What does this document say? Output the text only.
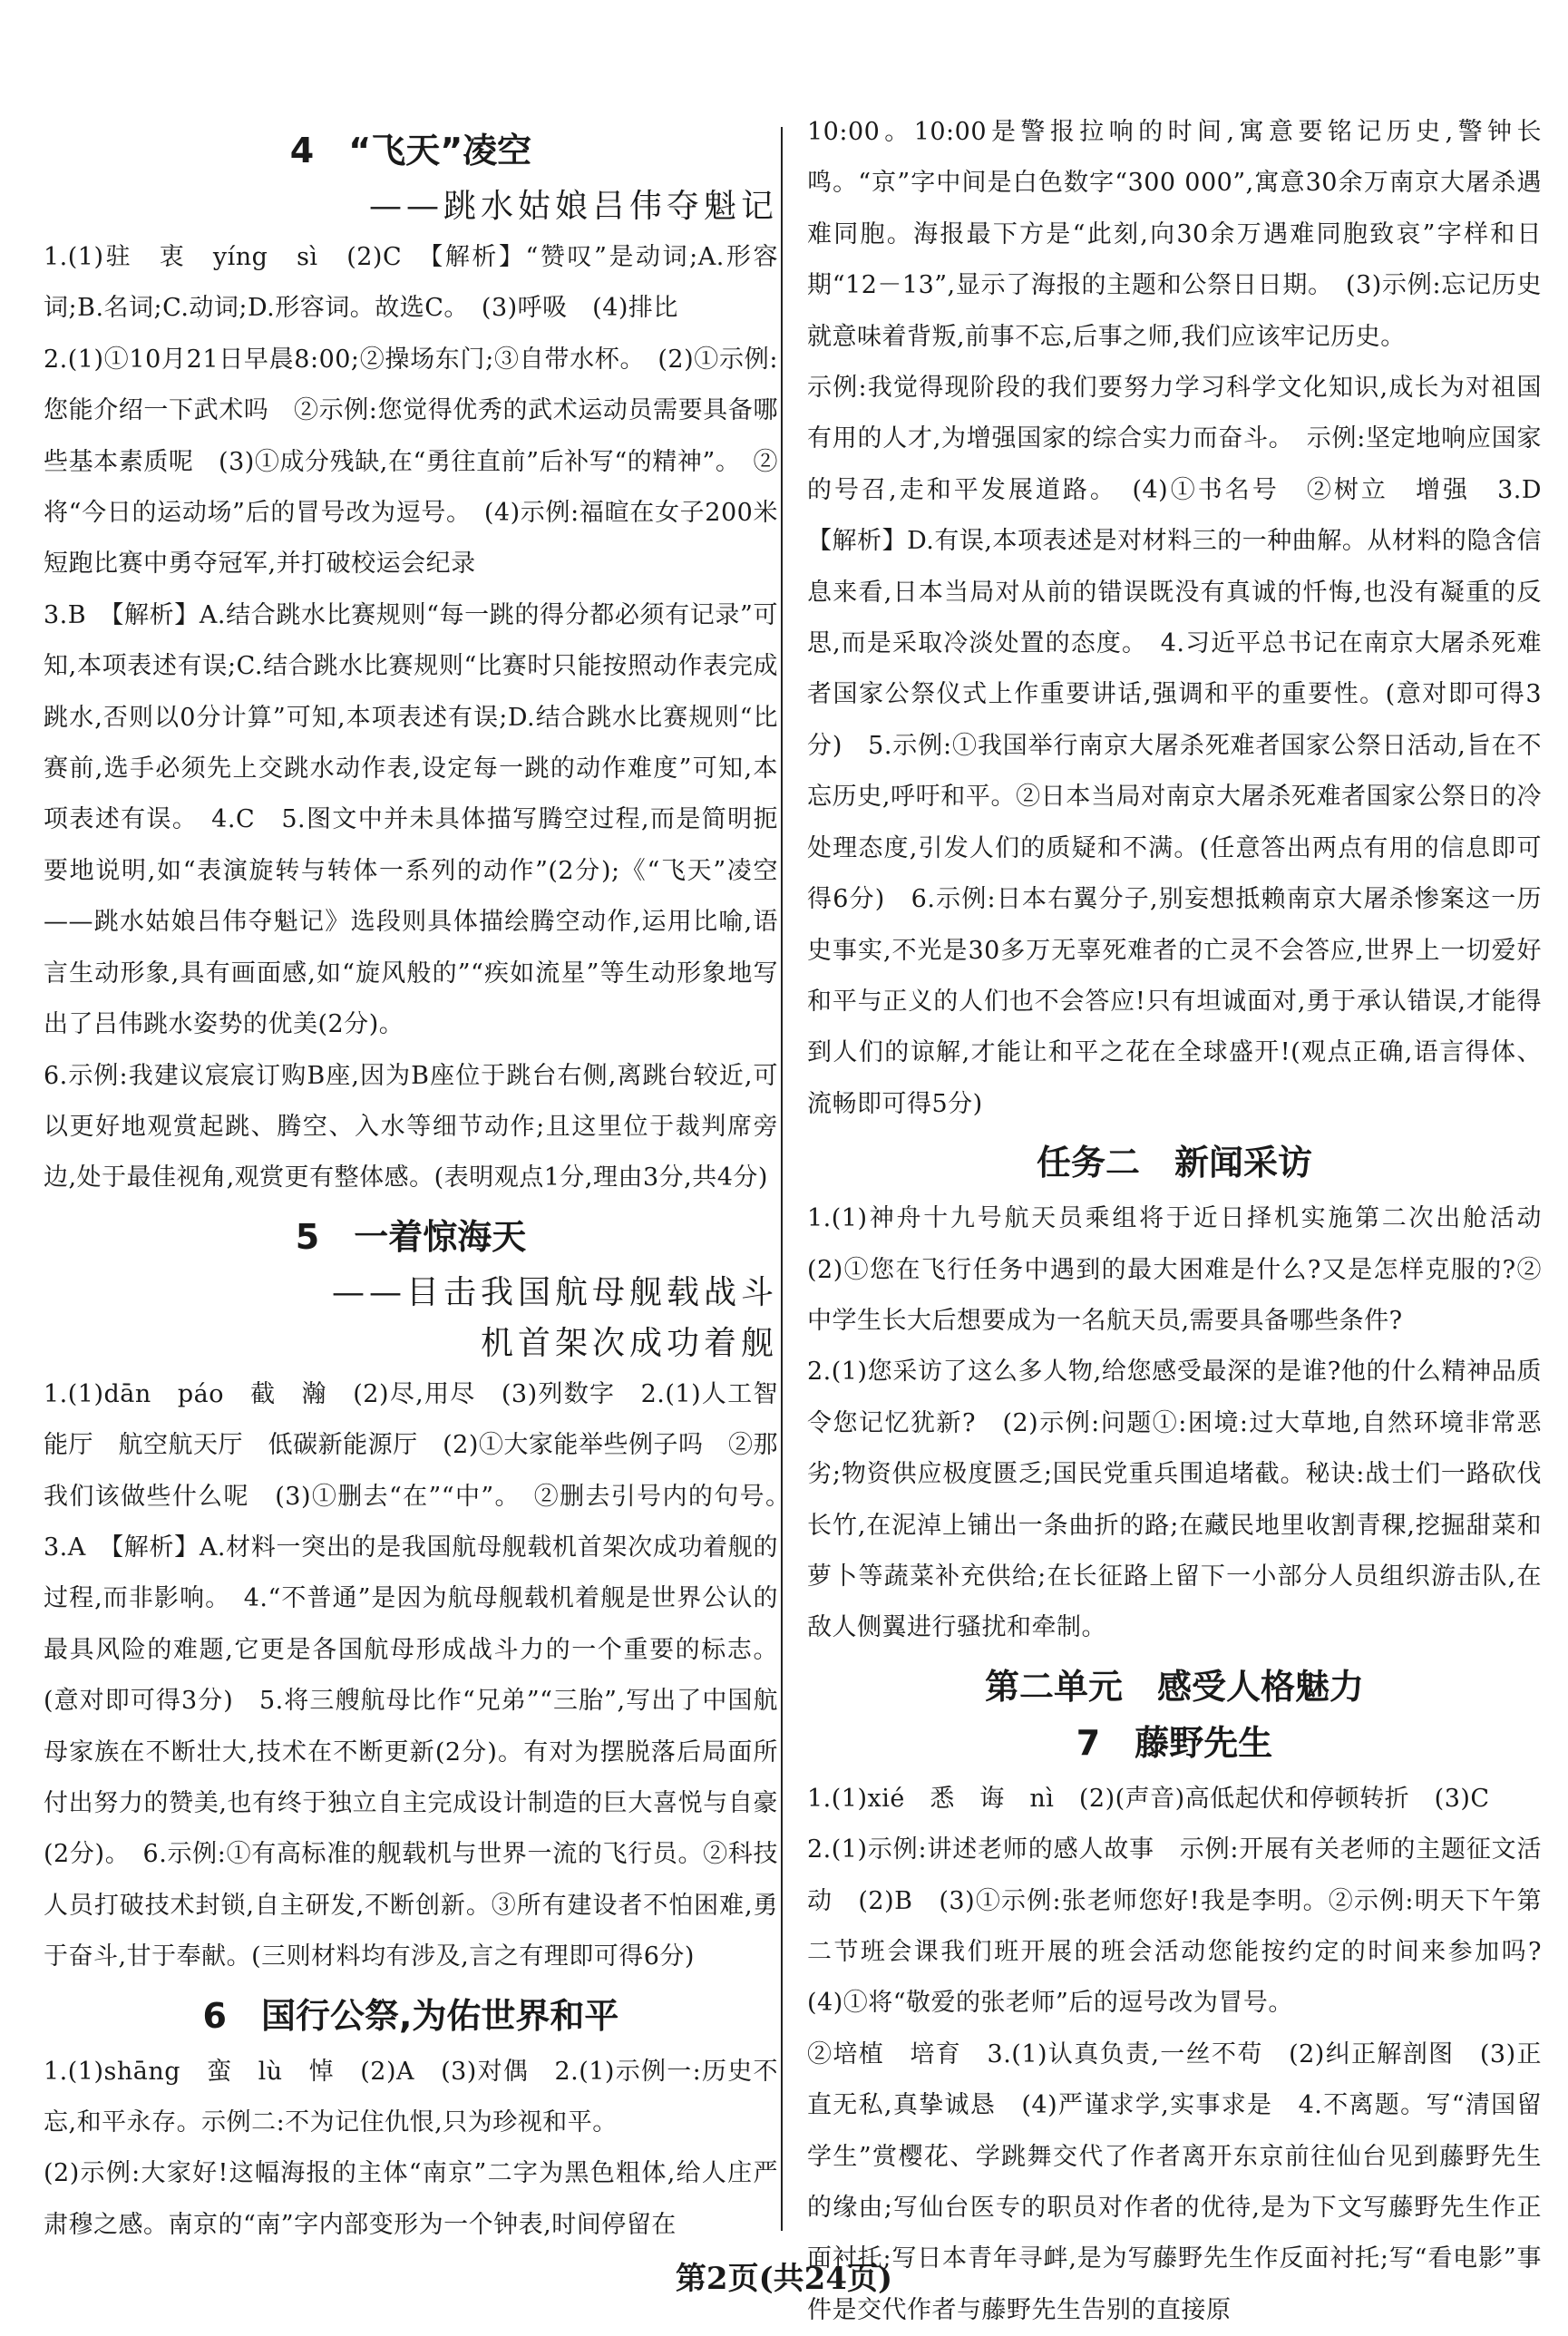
4　“飞天”凌空
——跳水姑娘吕伟夺魁记
1.(1)驻　衷　yíng　sì　(2)C　【解析】“赞叹”是动词;A.形容词;B.名词;C.动词;D.形容词。故选C。　(3)呼吸　(4)排比
2.(1)①10月21日早晨8:00;②操场东门;③自带水杯。　(2)①示例:您能介绍一下武术吗　②示例:您觉得优秀的武术运动员需要具备哪些基本素质呢　(3)①成分残缺,在“勇往直前”后补写“的精神”。　②将“今日的运动场”后的冒号改为逗号。　(4)示例:福暄在女子200米短跑比赛中勇夺冠军,并打破校运会纪录
3.B　【解析】A.结合跳水比赛规则“每一跳的得分都必须有记录”可知,本项表述有误;C.结合跳水比赛规则“比赛时只能按照动作表完成跳水,否则以0分计算”可知,本项表述有误;D.结合跳水比赛规则“比赛前,选手必须先上交跳水动作表,设定每一跳的动作难度”可知,本项表述有误。　4.C　5.图文中并未具体描写腾空过程,而是简明扼要地说明,如“表演旋转与转体一系列的动作”(2分);《“飞天”凌空——跳水姑娘吕伟夺魁记》选段则具体描绘腾空动作,运用比喻,语言生动形象,具有画面感,如“旋风般的”“疾如流星”等生动形象地写出了吕伟跳水姿势的优美(2分)。
6.示例:我建议宸宸订购B座,因为B座位于跳台右侧,离跳台较近,可以更好地观赏起跳、腾空、入水等细节动作;且这里位于裁判席旁边,处于最佳视角,观赏更有整体感。(表明观点1分,理由3分,共4分)
5　一着惊海天
——目击我国航母舰载战斗
机首架次成功着舰
1.(1)dān　páo　截　瀚　(2)尽,用尽　(3)列数字　2.(1)人工智能厅　航空航天厅　低碳新能源厅　(2)①大家能举些例子吗　②那我们该做些什么呢　(3)①删去“在”“中”。　②删去引号内的句号。　3.A　【解析】A.材料一突出的是我国航母舰载机首架次成功着舰的过程,而非影响。　4.“不普通”是因为航母舰载机着舰是世界公认的最具风险的难题,它更是各国航母形成战斗力的一个重要的标志。(意对即可得3分)　5.将三艘航母比作“兄弟”“三胎”,写出了中国航母家族在不断壮大,技术在不断更新(2分)。有对为摆脱落后局面所付出努力的赞美,也有终于独立自主完成设计制造的巨大喜悦与自豪(2分)。　6.示例:①有高标准的舰载机与世界一流的飞行员。②科技人员打破技术封锁,自主研发,不断创新。③所有建设者不怕困难,勇于奋斗,甘于奉献。(三则材料均有涉及,言之有理即可得6分)
6　国行公祭,为佑世界和平
1.(1)shāng　蛮　lù　悼　(2)A　(3)对偶　2.(1)示例一:历史不忘,和平永存。示例二:不为记住仇恨,只为珍视和平。
(2)示例:大家好!这幅海报的主体“南京”二字为黑色粗体,给人庄严肃穆之感。南京的“南”字内部变形为一个钟表,时间停留在
10:00。10:00是警报拉响的时间,寓意要铭记历史,警钟长鸣。“京”字中间是白色数字“300 000”,寓意30余万南京大屠杀遇难同胞。海报最下方是“此刻,向30余万遇难同胞致哀”字样和日期“12－13”,显示了海报的主题和公祭日日期。　(3)示例:忘记历史就意味着背叛,前事不忘,后事之师,我们应该牢记历史。
示例:我觉得现阶段的我们要努力学习科学文化知识,成长为对祖国有用的人才,为增强国家的综合实力而奋斗。　示例:坚定地响应国家的号召,走和平发展道路。　(4)①书名号　②树立　增强　3.D　【解析】D.有误,本项表述是对材料三的一种曲解。从材料的隐含信息来看,日本当局对从前的错误既没有真诚的忏悔,也没有凝重的反思,而是采取冷淡处置的态度。　4.习近平总书记在南京大屠杀死难者国家公祭仪式上作重要讲话,强调和平的重要性。(意对即可得3分)　5.示例:①我国举行南京大屠杀死难者国家公祭日活动,旨在不忘历史,呼吁和平。②日本当局对南京大屠杀死难者国家公祭日的冷处理态度,引发人们的质疑和不满。(任意答出两点有用的信息即可得6分)　6.示例:日本右翼分子,别妄想抵赖南京大屠杀惨案这一历史事实,不光是30多万无辜死难者的亡灵不会答应,世界上一切爱好和平与正义的人们也不会答应!只有坦诚面对,勇于承认错误,才能得到人们的谅解,才能让和平之花在全球盛开!(观点正确,语言得体、流畅即可得5分)
任务二　新闻采访
1.(1)神舟十九号航天员乘组将于近日择机实施第二次出舱活动　(2)①您在飞行任务中遇到的最大困难是什么?又是怎样克服的?②中学生长大后想要成为一名航天员,需要具备哪些条件?
2.(1)您采访了这么多人物,给您感受最深的是谁?他的什么精神品质令您记忆犹新?　(2)示例:问题①:困境:过大草地,自然环境非常恶劣;物资供应极度匮乏;国民党重兵围追堵截。秘诀:战士们一路砍伐长竹,在泥淖上铺出一条曲折的路;在藏民地里收割青稞,挖掘甜菜和萝卜等蔬菜补充供给;在长征路上留下一小部分人员组织游击队,在敌人侧翼进行骚扰和牵制。
第二单元　感受人格魅力
7　藤野先生
1.(1)xié　悉　诲　nì　(2)(声音)高低起伏和停顿转折　(3)C
2.(1)示例:讲述老师的感人故事　示例:开展有关老师的主题征文活动　(2)B　(3)①示例:张老师您好!我是李明。②示例:明天下午第二节班会课我们班开展的班会活动您能按约定的时间来参加吗?　(4)①将“敬爱的张老师”后的逗号改为冒号。
②培植　培育　3.(1)认真负责,一丝不苟　(2)纠正解剖图　(3)正直无私,真挚诚恳　(4)严谨求学,实事求是　4.不离题。写“清国留学生”赏樱花、学跳舞交代了作者离开东京前往仙台见到藤野先生的缘由;写仙台医专的职员对作者的优待,是为下文写藤野先生作正面衬托;写日本青年寻衅,是为写藤野先生作反面衬托;写“看电影”事件是交代作者与藤野先生告别的直接原
第2页(共24页)
